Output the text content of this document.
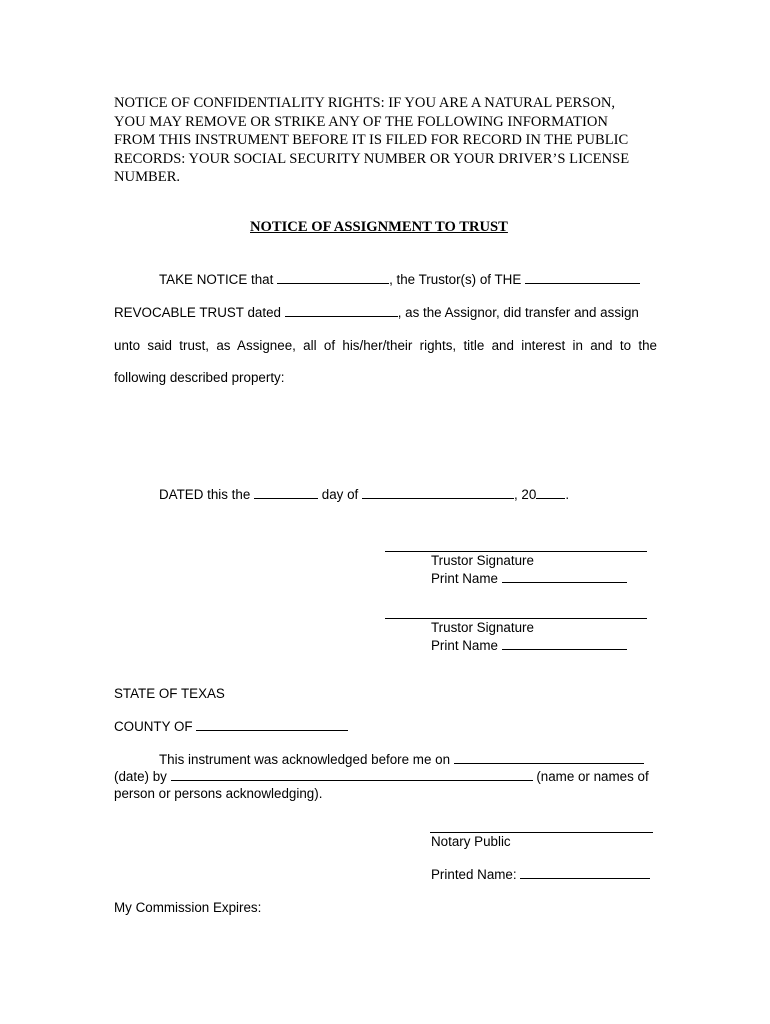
NOTICE OF CONFIDENTIALITY RIGHTS: IF YOU ARE A NATURAL PERSON,
YOU MAY REMOVE OR STRIKE ANY OF THE FOLLOWING INFORMATION
FROM THIS INSTRUMENT BEFORE IT IS FILED FOR RECORD IN THE PUBLIC
RECORDS: YOUR SOCIAL SECURITY NUMBER OR YOUR DRIVER’S LICENSE
NUMBER.
NOTICE OF ASSIGNMENT TO TRUST
TAKE NOTICE that	, the Trustor(s) of THE
REVOCABLE TRUST dated	, as the Assignor, did transfer and assign
unto said trust, as Assignee, all of his/her/their rights, title and interest in and to the
following described property:
DATED this the	day of	, 20 .
Trustor Signature
Print Name
Trustor Signature
Print Name
STATE OF TEXAS
COUNTY OF
This instrument was acknowledged before me on
(date) by	(name or names of
person or persons acknowledging).
Notary Public
Printed Name:
My Commission Expires:
